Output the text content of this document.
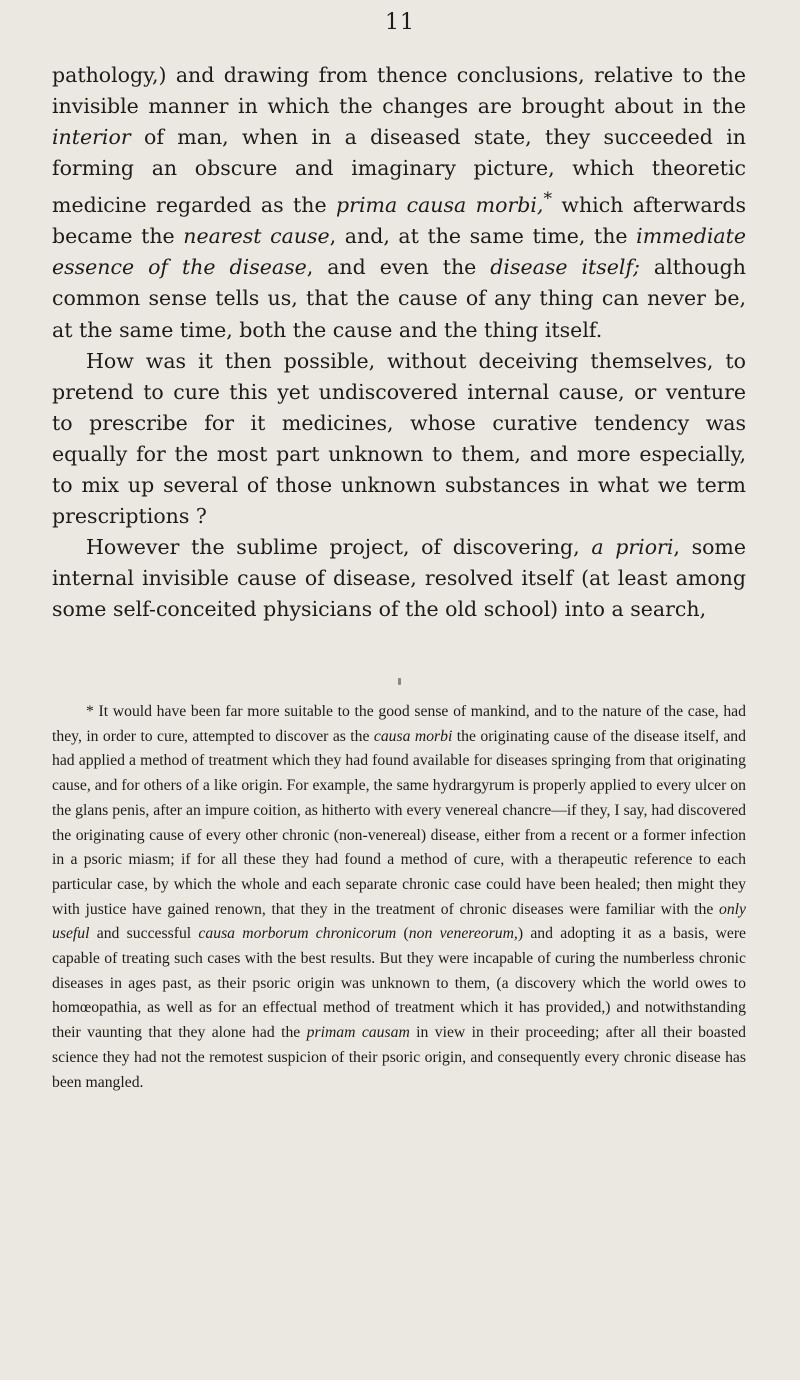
11

pathology,) and drawing from thence conclusions, relative to the invisible manner in which the changes are brought about in the interior of man, when in a diseased state, they succeeded in forming an obscure and imaginary picture, which theoretic medicine regarded as the prima causa morbi,* which afterwards became the nearest cause, and, at the same time, the immediate essence of the disease, and even the disease itself; although common sense tells us, that the cause of any thing can never be, at the same time, both the cause and the thing itself.

How was it then possible, without deceiving themselves, to pretend to cure this yet undiscovered internal cause, or venture to prescribe for it medicines, whose curative tendency was equally for the most part unknown to them, and more especially, to mix up several of those unknown substances in what we term prescriptions ?

However the sublime project, of discovering, a priori, some internal invisible cause of disease, resolved itself (at least among some self-conceited physicians of the old school) into a search,

* It would have been far more suitable to the good sense of mankind, and to the nature of the case, had they, in order to cure, attempted to discover as the causa morbi the originating cause of the disease itself, and had applied a method of treatment which they had found available for diseases springing from that originating cause, and for others of a like origin. For example, the same hydrargyrum is properly applied to every ulcer on the glans penis, after an impure coition, as hitherto with every venereal chancre—if they, I say, had discovered the originating cause of every other chronic (non-venereal) disease, either from a recent or a former infection in a psoric miasm; if for all these they had found a method of cure, with a therapeutic reference to each particular case, by which the whole and each separate chronic case could have been healed; then might they with justice have gained renown, that they in the treatment of chronic diseases were familiar with the only useful and successful causa morborum chronicorum (non venereorum,) and adopting it as a basis, were capable of treating such cases with the best results. But they were incapable of curing the numberless chronic diseases in ages past, as their psoric origin was unknown to them, (a discovery which the world owes to homœopathia, as well as for an effectual method of treatment which it has provided,) and notwithstanding their vaunting that they alone had the primam causam in view in their proceeding; after all their boasted science they had not the remotest suspicion of their psoric origin, and consequently every chronic disease has been mangled.
